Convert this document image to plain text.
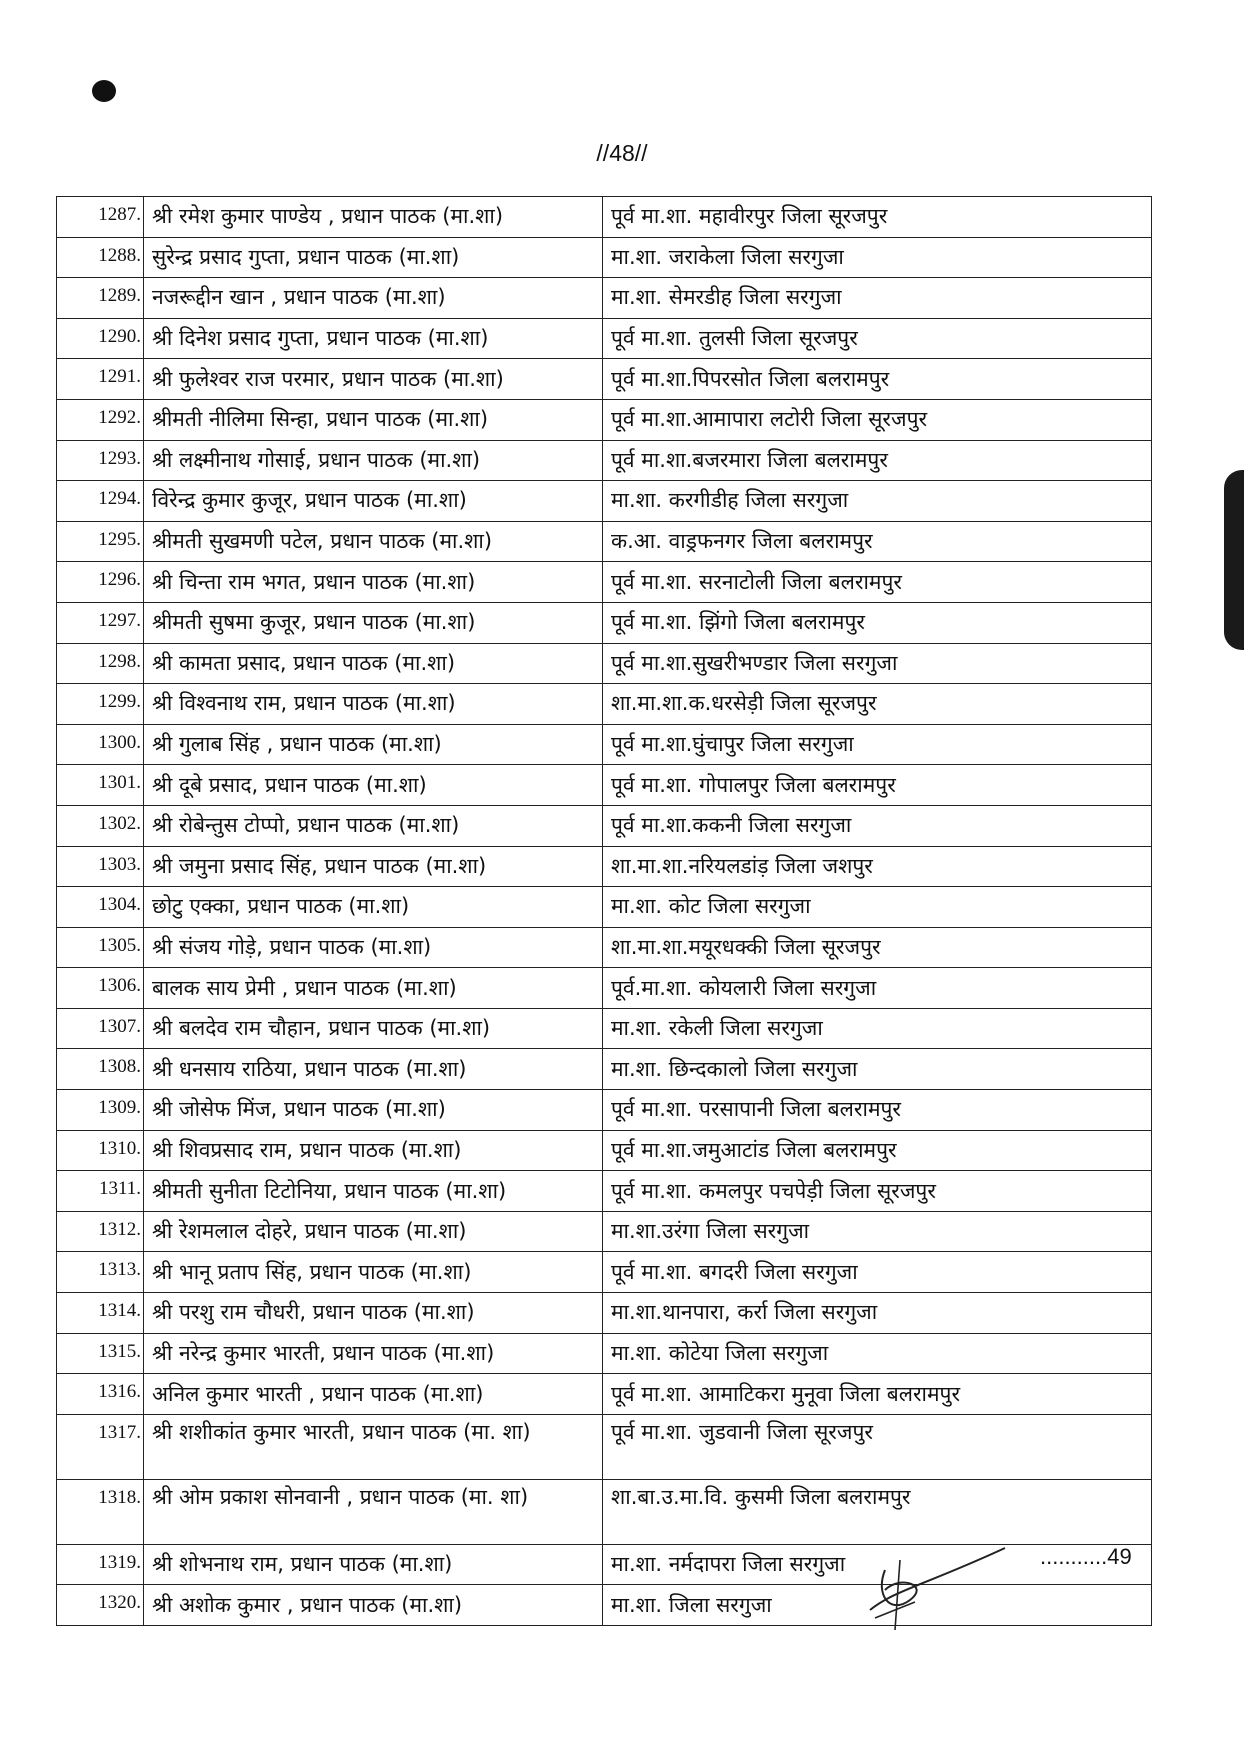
//48//
1287.	श्री रमेश कुमार पाण्डेय , प्रधान पाठक (मा.शा)	पूर्व मा.शा. महावीरपुर जिला सूरजपुर
1288.	सुरेन्द्र प्रसाद गुप्ता, प्रधान पाठक (मा.शा)	मा.शा. जराकेला जिला सरगुजा
1289.	नजरूद्दीन खान , प्रधान पाठक (मा.शा)	मा.शा. सेमरडीह जिला सरगुजा
1290.	श्री दिनेश प्रसाद गुप्ता, प्रधान पाठक (मा.शा)	पूर्व मा.शा. तुलसी जिला सूरजपुर
1291.	श्री फुलेश्वर राज परमार, प्रधान पाठक (मा.शा)	पूर्व मा.शा.पिपरसोत जिला बलरामपुर
1292.	श्रीमती नीलिमा सिन्हा, प्रधान पाठक (मा.शा)	पूर्व मा.शा.आमापारा लटोरी जिला सूरजपुर
1293.	श्री लक्ष्मीनाथ गोसाई, प्रधान पाठक (मा.शा)	पूर्व मा.शा.बजरमारा जिला बलरामपुर
1294.	विरेन्द्र कुमार कुजूर, प्रधान पाठक (मा.शा)	मा.शा. करगीडीह जिला सरगुजा
1295.	श्रीमती सुखमणी पटेल, प्रधान पाठक (मा.शा)	क.आ. वाड्रफनगर जिला बलरामपुर
1296.	श्री चिन्ता राम भगत, प्रधान पाठक (मा.शा)	पूर्व मा.शा. सरनाटोली जिला बलरामपुर
1297.	श्रीमती सुषमा कुजूर, प्रधान पाठक (मा.शा)	पूर्व मा.शा. झिंगो जिला बलरामपुर
1298.	श्री कामता प्रसाद, प्रधान पाठक (मा.शा)	पूर्व मा.शा.सुखरीभण्डार जिला सरगुजा
1299.	श्री विश्वनाथ राम, प्रधान पाठक (मा.शा)	शा.मा.शा.क.धरसेड़ी जिला सूरजपुर
1300.	श्री गुलाब सिंह , प्रधान पाठक (मा.शा)	पूर्व मा.शा.घुंचापुर जिला सरगुजा
1301.	श्री दूबे प्रसाद, प्रधान पाठक (मा.शा)	पूर्व मा.शा. गोपालपुर जिला बलरामपुर
1302.	श्री रोबेन्तुस टोप्पो, प्रधान पाठक (मा.शा)	पूर्व मा.शा.ककनी जिला सरगुजा
1303.	श्री जमुना प्रसाद सिंह, प्रधान पाठक (मा.शा)	शा.मा.शा.नरियलडांड़ जिला जशपुर
1304.	छोटु एक्का, प्रधान पाठक (मा.शा)	मा.शा. कोट जिला सरगुजा
1305.	श्री संजय गोड़े, प्रधान पाठक (मा.शा)	शा.मा.शा.मयूरधक्की जिला सूरजपुर
1306.	बालक साय प्रेमी , प्रधान पाठक (मा.शा)	पूर्व.मा.शा. कोयलारी जिला सरगुजा
1307.	श्री बलदेव राम चौहान, प्रधान पाठक (मा.शा)	मा.शा. रकेली जिला सरगुजा
1308.	श्री धनसाय राठिया, प्रधान पाठक (मा.शा)	मा.शा. छिन्दकालो जिला सरगुजा
1309.	श्री जोसेफ मिंज, प्रधान पाठक (मा.शा)	पूर्व मा.शा. परसापानी जिला बलरामपुर
1310.	श्री शिवप्रसाद राम, प्रधान पाठक (मा.शा)	पूर्व मा.शा.जमुआटांड जिला बलरामपुर
1311.	श्रीमती सुनीता टिटोनिया, प्रधान पाठक (मा.शा)	पूर्व मा.शा. कमलपुर पचपेड़ी जिला सूरजपुर
1312.	श्री रेशमलाल दोहरे, प्रधान पाठक (मा.शा)	मा.शा.उरंगा जिला सरगुजा
1313.	श्री भानू प्रताप सिंह, प्रधान पाठक (मा.शा)	पूर्व मा.शा. बगदरी जिला सरगुजा
1314.	श्री परशु राम चौधरी, प्रधान पाठक (मा.शा)	मा.शा.थानपारा, कर्रा जिला सरगुजा
1315.	श्री नरेन्द्र कुमार भारती, प्रधान पाठक (मा.शा)	मा.शा. कोटेया जिला सरगुजा
1316.	अनिल कुमार भारती , प्रधान पाठक (मा.शा)	पूर्व मा.शा. आमाटिकरा मुनूवा जिला बलरामपुर
1317.	श्री शशीकांत कुमार भारती, प्रधान पाठक (मा. शा)	पूर्व मा.शा. जुडवानी जिला सूरजपुर
1318.	श्री ओम प्रकाश सोनवानी , प्रधान पाठक (मा. शा)	शा.बा.उ.मा.वि. कुसमी जिला बलरामपुर
1319.	श्री शोभनाथ राम, प्रधान पाठक (मा.शा)	मा.शा. नर्मदापरा जिला सरगुजा
1320.	श्री अशोक कुमार , प्रधान पाठक (मा.शा)	मा.शा. जिला सरगुजा
...........49
